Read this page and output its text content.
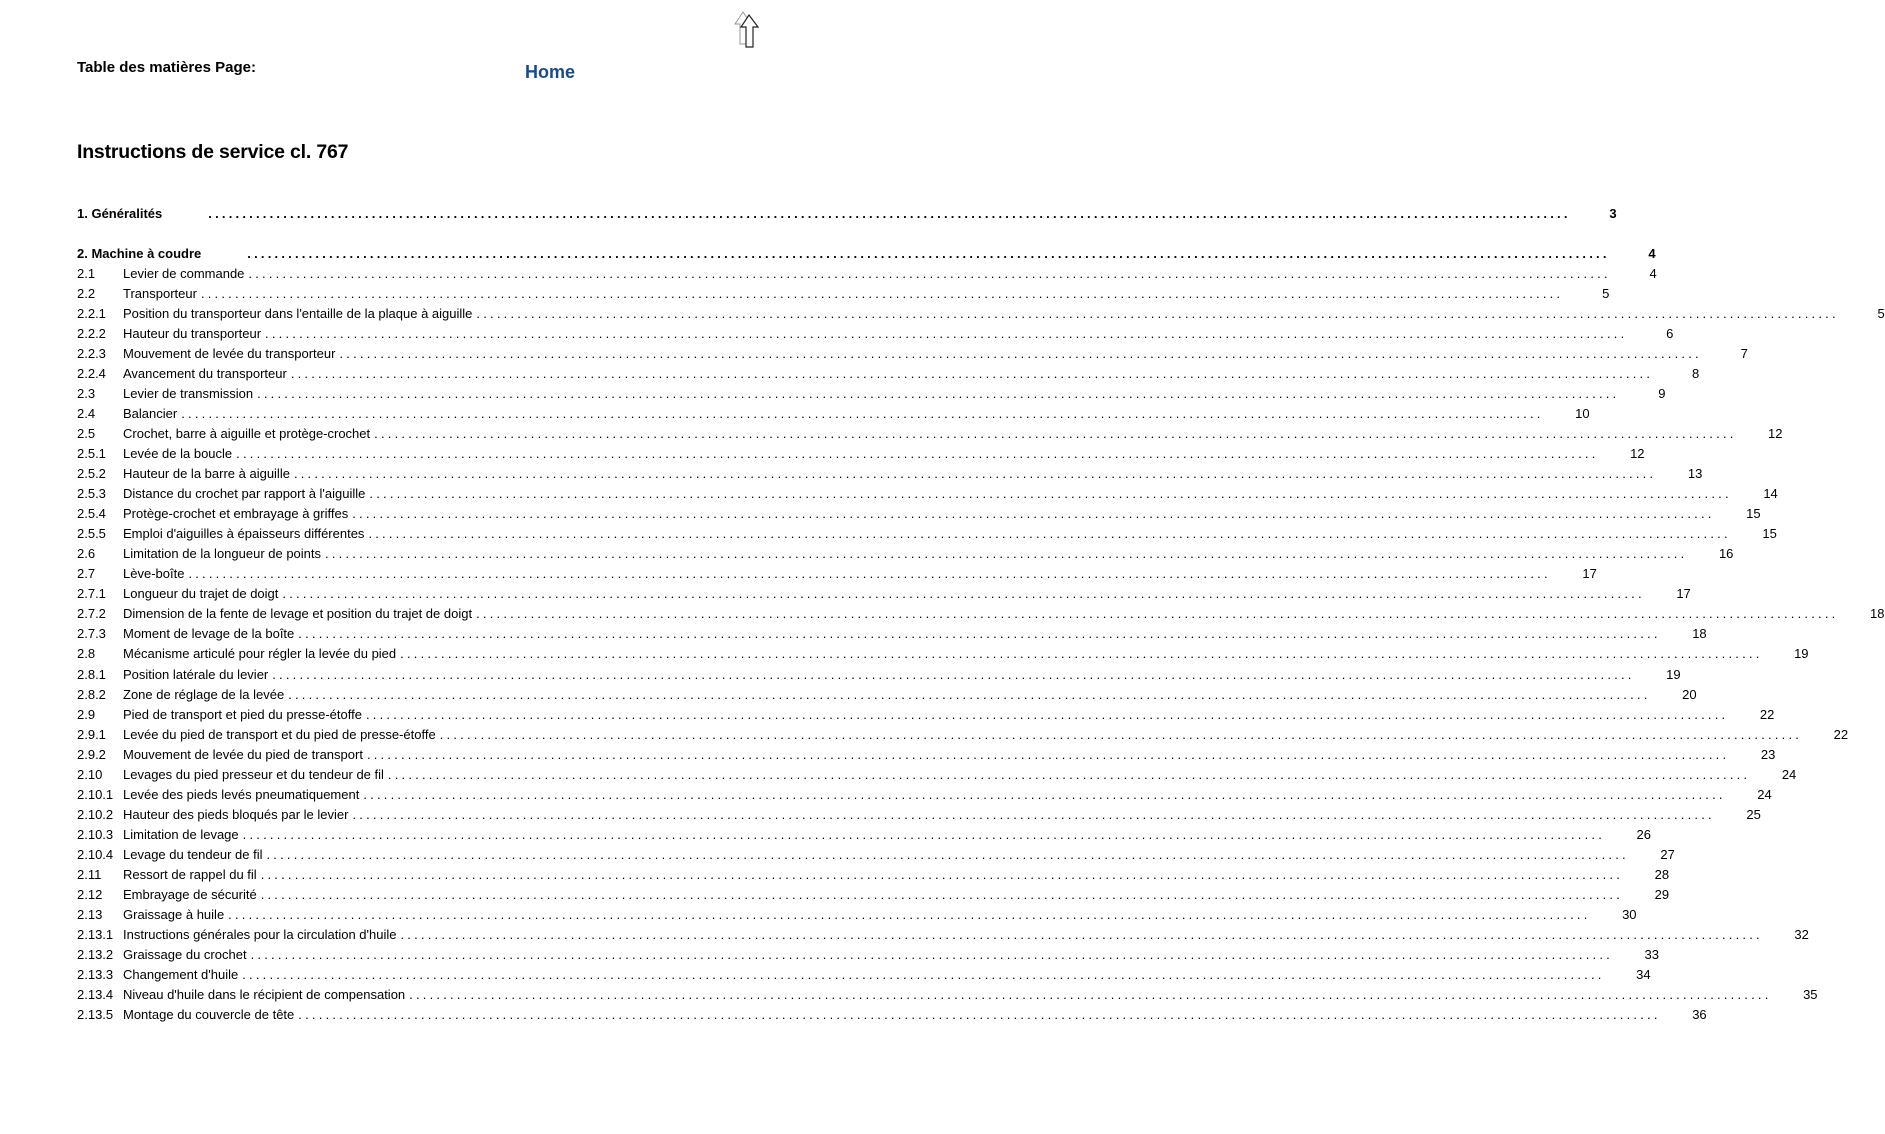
Table des matières Page:	Home
Instructions de service cl. 767
1. Généralités	........................................................................................................................................................................................................	3
2. Machine à coudre	........................................................................................................................................................................................................	4
2.1	Levier de commande ........................................................................................................................................................................................................	4
2.2	Transporteur ........................................................................................................................................................................................................	5
2.2.1	Position du transporteur dans l'entaille de la plaque à aiguille ........................................................................................................................................................................................................	5
2.2.2	Hauteur du transporteur ........................................................................................................................................................................................................	6
2.2.3	Mouvement de levée du transporteur ........................................................................................................................................................................................................	7
2.2.4	Avancement du transporteur ........................................................................................................................................................................................................	8
2.3	Levier de transmission ........................................................................................................................................................................................................	9
2.4	Balancier ........................................................................................................................................................................................................	10
2.5	Crochet, barre à aiguille et protège-crochet ........................................................................................................................................................................................................	12
2.5.1	Levée de la boucle ........................................................................................................................................................................................................	12
2.5.2	Hauteur de la barre à aiguille ........................................................................................................................................................................................................	13
2.5.3	Distance du crochet par rapport à l'aiguille ........................................................................................................................................................................................................	14
2.5.4	Protège-crochet et embrayage à griffes ........................................................................................................................................................................................................	15
2.5.5	Emploi d'aiguilles à épaisseurs différentes ........................................................................................................................................................................................................	15
2.6	Limitation de la longueur de points ........................................................................................................................................................................................................	16
2.7	Lève-boîte ........................................................................................................................................................................................................	17
2.7.1	Longueur du trajet de doigt ........................................................................................................................................................................................................	17
2.7.2	Dimension de la fente de levage et position du trajet de doigt ........................................................................................................................................................................................................	18
2.7.3	Moment de levage de la boîte ........................................................................................................................................................................................................	18
2.8	Mécanisme articulé pour régler la levée du pied ........................................................................................................................................................................................................	19
2.8.1	Position latérale du levier ........................................................................................................................................................................................................	19
2.8.2	Zone de réglage de la levée ........................................................................................................................................................................................................	20
2.9	Pied de transport et pied du presse-étoffe ........................................................................................................................................................................................................	22
2.9.1	Levée du pied de transport et du pied de presse-étoffe ........................................................................................................................................................................................................	22
2.9.2	Mouvement de levée du pied de transport ........................................................................................................................................................................................................	23
2.10	Levages du pied presseur et du tendeur de fil ........................................................................................................................................................................................................	24
2.10.1 Levée des pieds levés pneumatiquement ........................................................................................................................................................................................................	24
2.10.2 Hauteur des pieds bloqués par le levier ........................................................................................................................................................................................................	25
2.10.3 Limitation de levage ........................................................................................................................................................................................................	26
2.10.4 Levage du tendeur de fil ........................................................................................................................................................................................................	27
2.11	Ressort de rappel du fil ........................................................................................................................................................................................................	28
2.12	Embrayage de sécurité ........................................................................................................................................................................................................	29
2.13	Graissage à huile ........................................................................................................................................................................................................	30
2.13.1 Instructions générales pour la circulation d'huile ........................................................................................................................................................................................................	32
2.13.2 Graissage du crochet ........................................................................................................................................................................................................	33
2.13.3 Changement d'huile ........................................................................................................................................................................................................	34
2.13.4 Niveau d'huile dans le récipient de compensation ........................................................................................................................................................................................................	35
2.13.5 Montage du couvercle de tête ........................................................................................................................................................................................................	36
